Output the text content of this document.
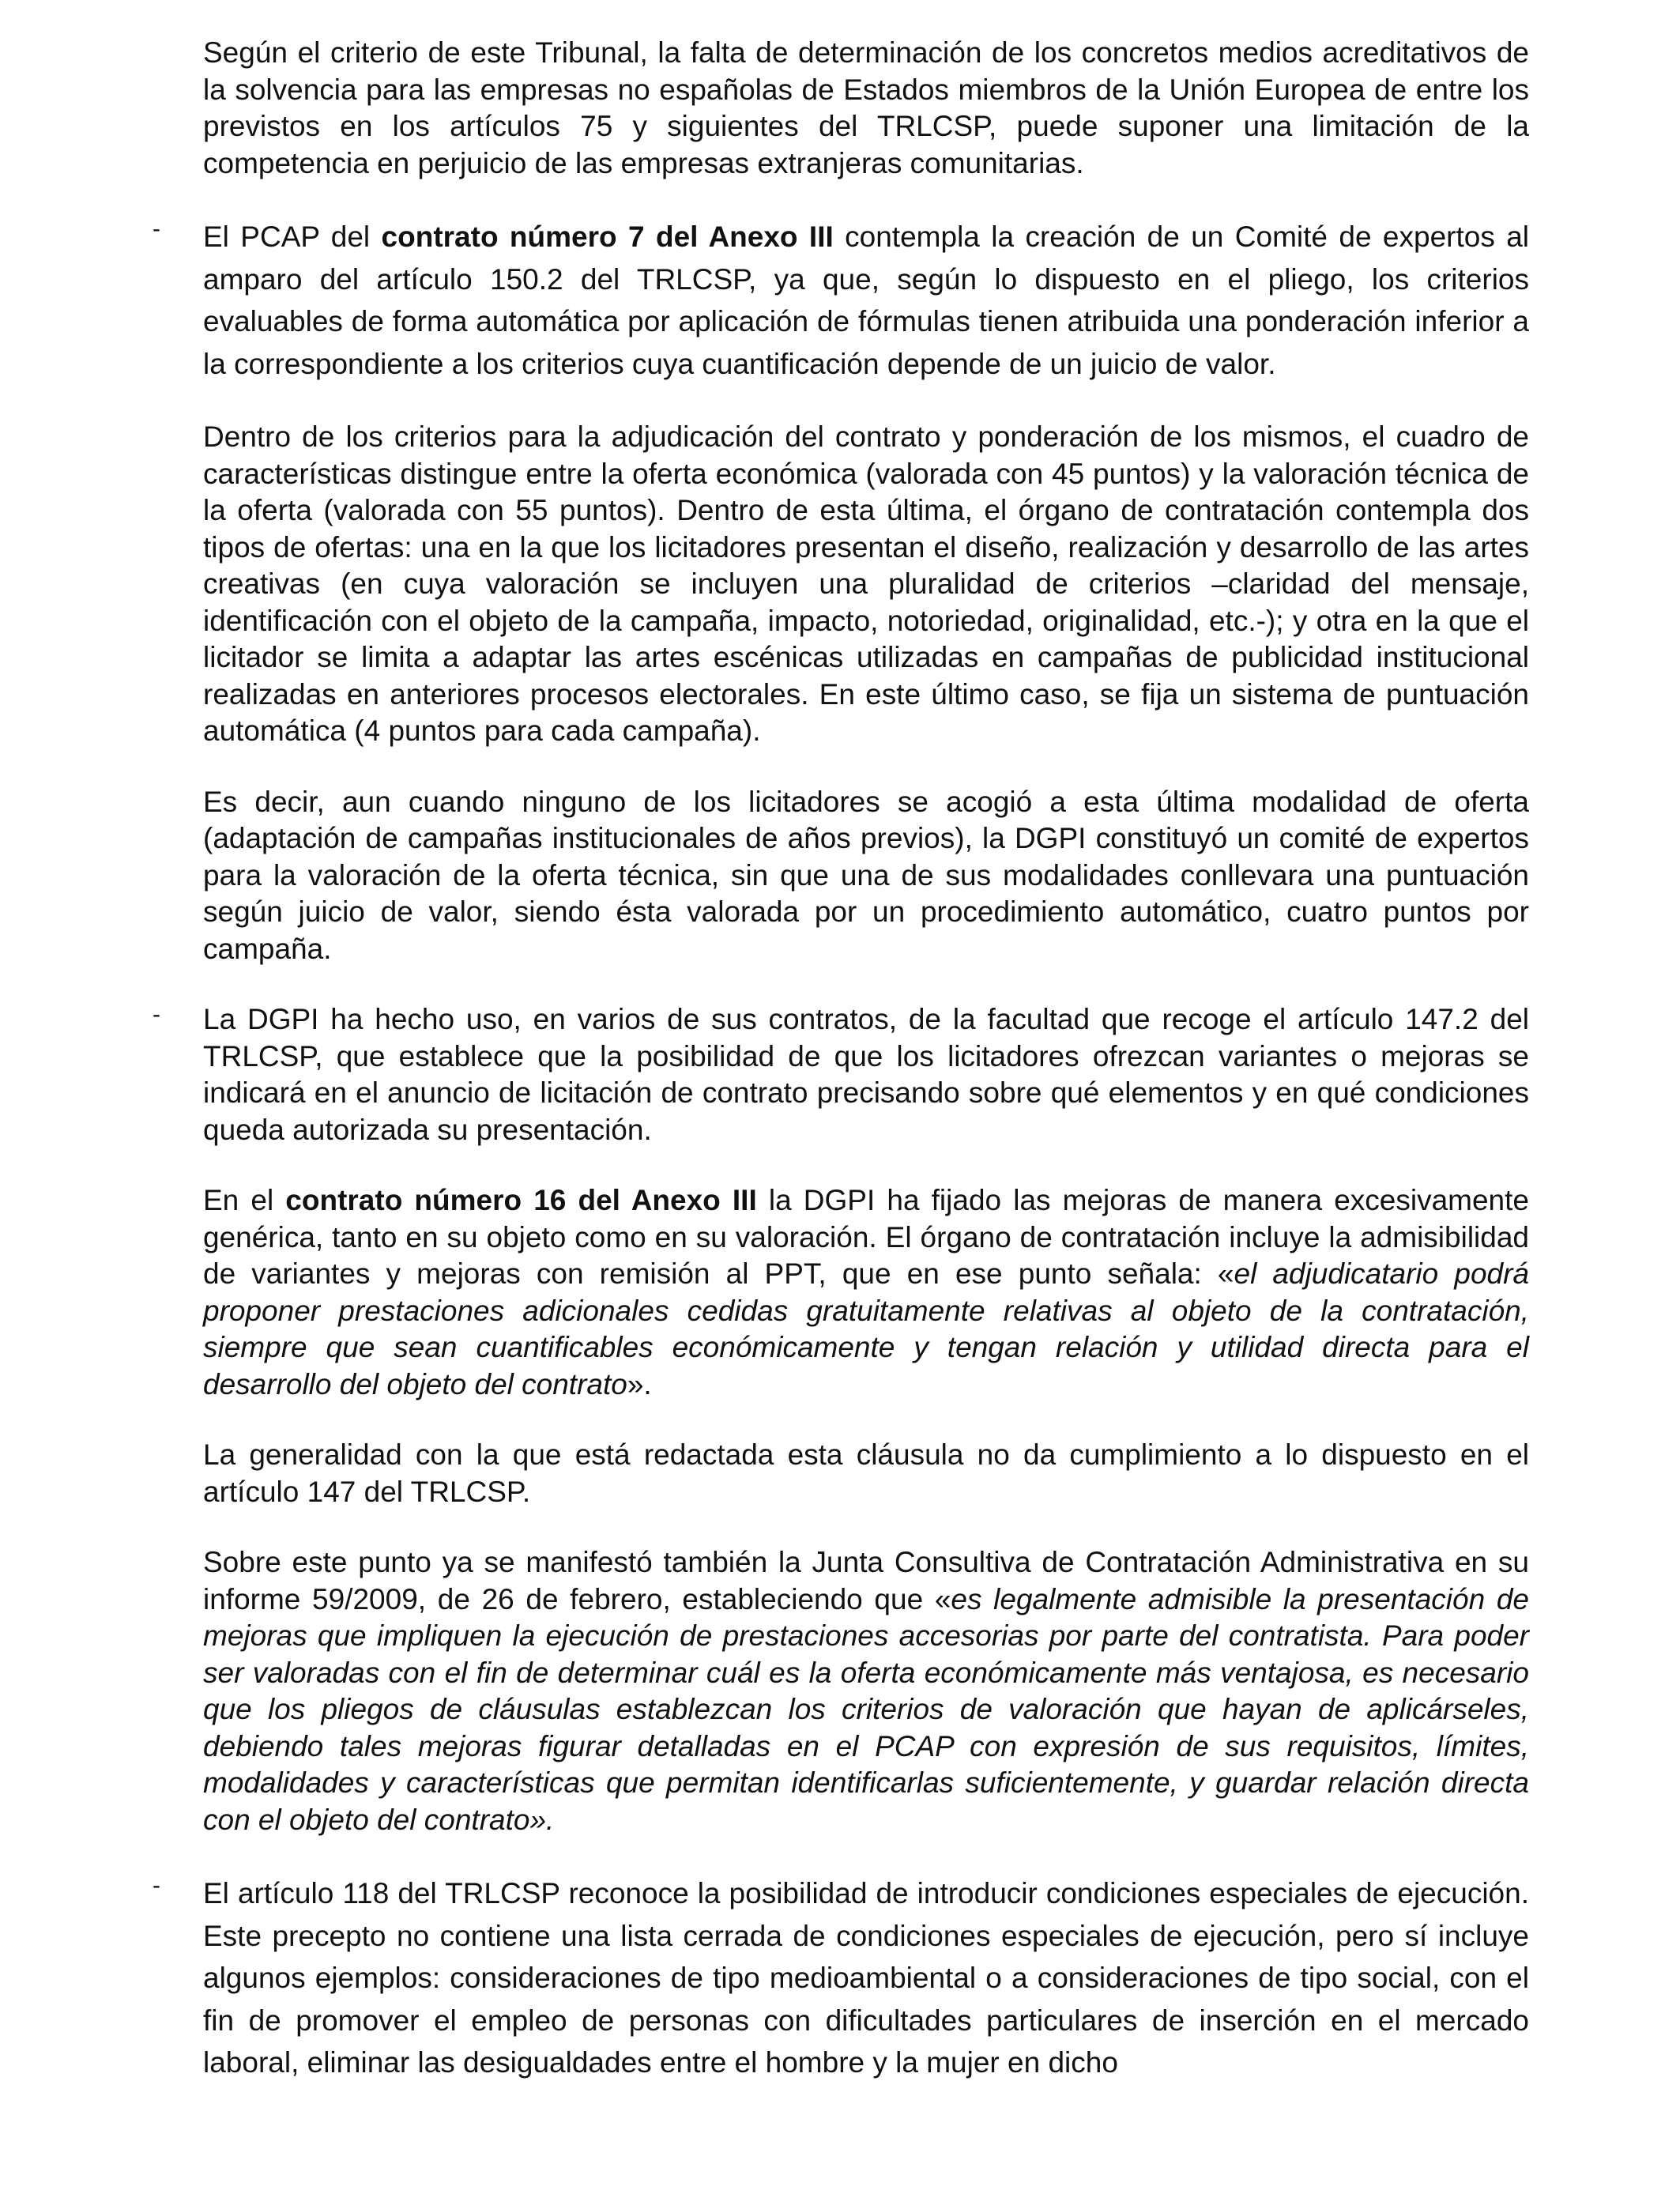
Según el criterio de este Tribunal, la falta de determinación de los concretos medios acreditativos de la solvencia para las empresas no españolas de Estados miembros de la Unión Europea de entre los previstos en los artículos 75 y siguientes del TRLCSP, puede suponer una limitación de la competencia en perjuicio de las empresas extranjeras comunitarias.

- El PCAP del contrato número 7 del Anexo III contempla la creación de un Comité de expertos al amparo del artículo 150.2 del TRLCSP, ya que, según lo dispuesto en el pliego, los criterios evaluables de forma automática por aplicación de fórmulas tienen atribuida una ponderación inferior a la correspondiente a los criterios cuya cuantificación depende de un juicio de valor.

Dentro de los criterios para la adjudicación del contrato y ponderación de los mismos, el cuadro de características distingue entre la oferta económica (valorada con 45 puntos) y la valoración técnica de la oferta (valorada con 55 puntos). Dentro de esta última, el órgano de contratación contempla dos tipos de ofertas: una en la que los licitadores presentan el diseño, realización y desarrollo de las artes creativas (en cuya valoración se incluyen una pluralidad de criterios –claridad del mensaje, identificación con el objeto de la campaña, impacto, notoriedad, originalidad, etc.-); y otra en la que el licitador se limita a adaptar las artes escénicas utilizadas en campañas de publicidad institucional realizadas en anteriores procesos electorales. En este último caso, se fija un sistema de puntuación automática (4 puntos para cada campaña).

Es decir, aun cuando ninguno de los licitadores se acogió a esta última modalidad de oferta (adaptación de campañas institucionales de años previos), la DGPI constituyó un comité de expertos para la valoración de la oferta técnica, sin que una de sus modalidades conllevara una puntuación según juicio de valor, siendo ésta valorada por un procedimiento automático, cuatro puntos por campaña.

- La DGPI ha hecho uso, en varios de sus contratos, de la facultad que recoge el artículo 147.2 del TRLCSP, que establece que la posibilidad de que los licitadores ofrezcan variantes o mejoras se indicará en el anuncio de licitación de contrato precisando sobre qué elementos y en qué condiciones queda autorizada su presentación.

En el contrato número 16 del Anexo III la DGPI ha fijado las mejoras de manera excesivamente genérica, tanto en su objeto como en su valoración. El órgano de contratación incluye la admisibilidad de variantes y mejoras con remisión al PPT, que en ese punto señala: «el adjudicatario podrá proponer prestaciones adicionales cedidas gratuitamente relativas al objeto de la contratación, siempre que sean cuantificables económicamente y tengan relación y utilidad directa para el desarrollo del objeto del contrato».

La generalidad con la que está redactada esta cláusula no da cumplimiento a lo dispuesto en el artículo 147 del TRLCSP.

Sobre este punto ya se manifestó también la Junta Consultiva de Contratación Administrativa en su informe 59/2009, de 26 de febrero, estableciendo que «es legalmente admisible la presentación de mejoras que impliquen la ejecución de prestaciones accesorias por parte del contratista. Para poder ser valoradas con el fin de determinar cuál es la oferta económicamente más ventajosa, es necesario que los pliegos de cláusulas establezcan los criterios de valoración que hayan de aplicárseles, debiendo tales mejoras figurar detalladas en el PCAP con expresión de sus requisitos, límites, modalidades y características que permitan identificarlas suficientemente, y guardar relación directa con el objeto del contrato».

- El artículo 118 del TRLCSP reconoce la posibilidad de introducir condiciones especiales de ejecución. Este precepto no contiene una lista cerrada de condiciones especiales de ejecución, pero sí incluye algunos ejemplos: consideraciones de tipo medioambiental o a consideraciones de tipo social, con el fin de promover el empleo de personas con dificultades particulares de inserción en el mercado laboral, eliminar las desigualdades entre el hombre y la mujer en dicho
